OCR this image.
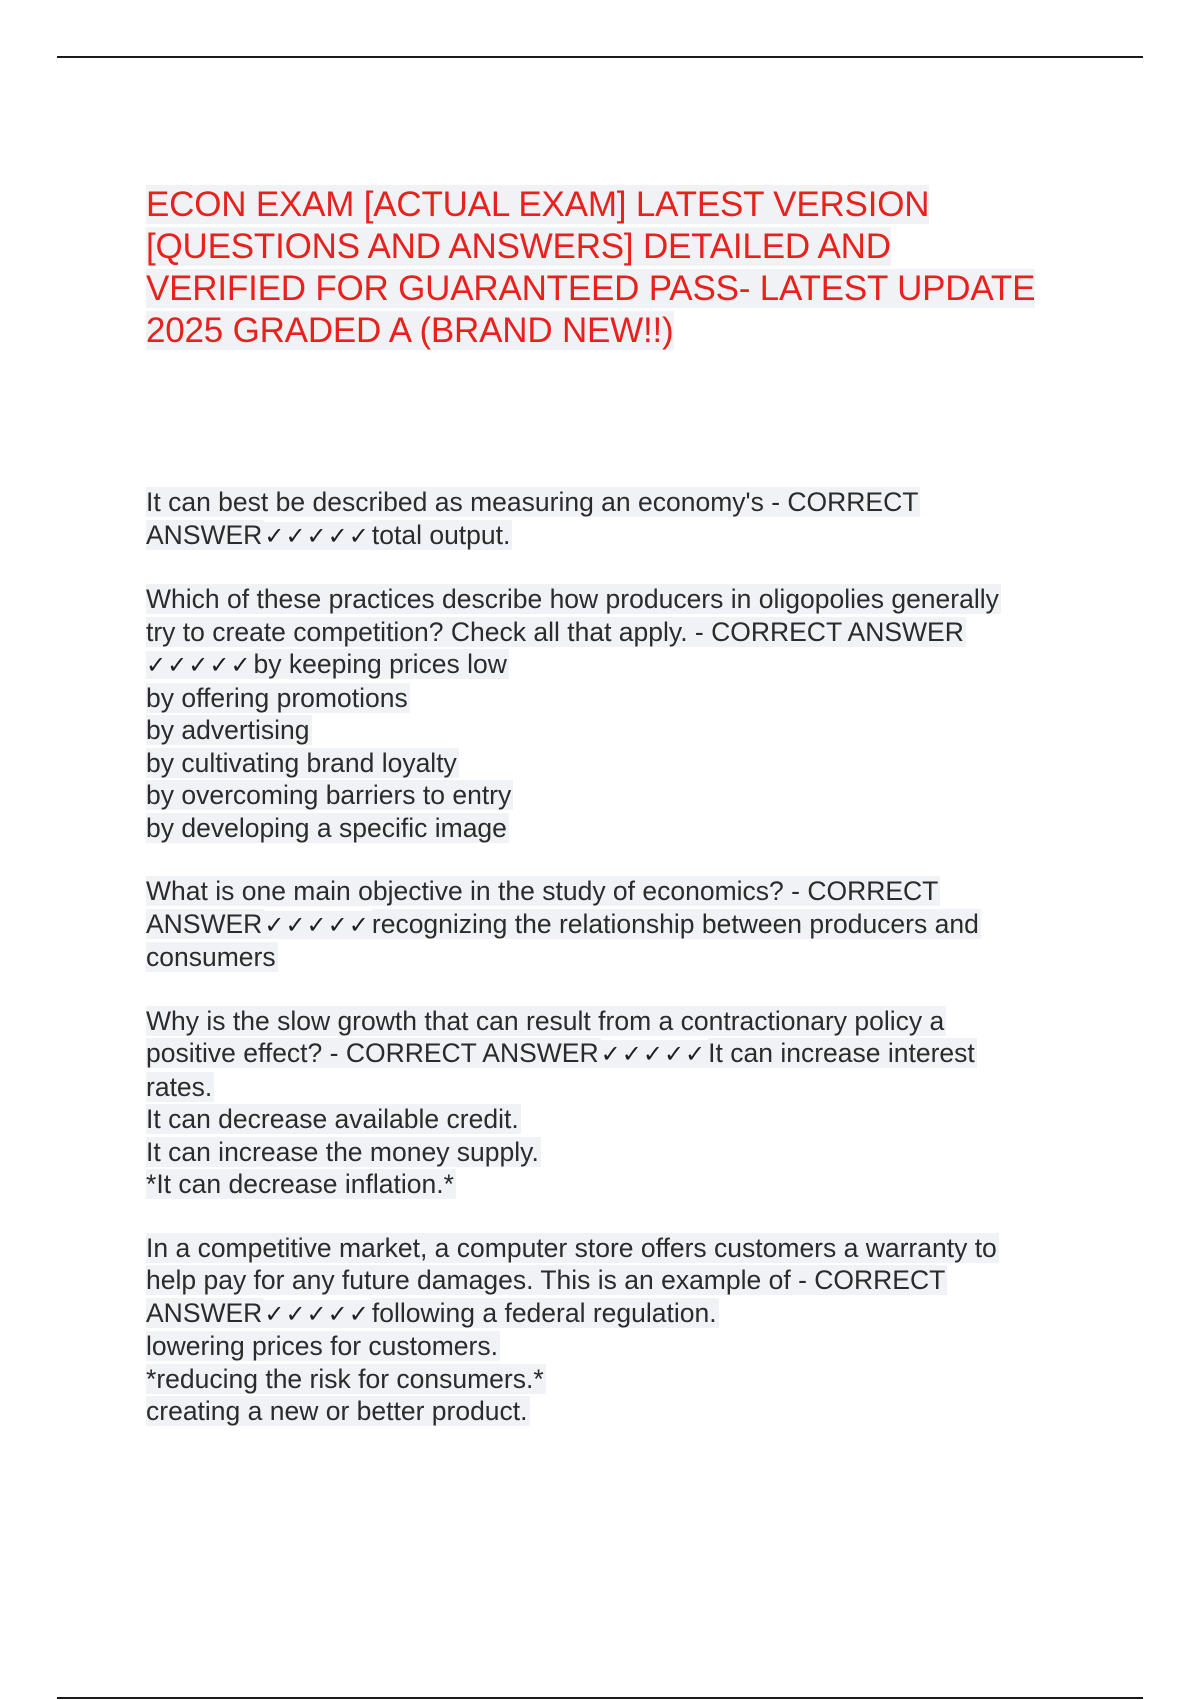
ECON EXAM [ACTUAL EXAM] LATEST VERSION
[QUESTIONS AND ANSWERS] DETAILED AND
VERIFIED FOR GUARANTEED PASS- LATEST UPDATE
2025 GRADED A (BRAND NEW!!)
It can best be described as measuring an economy's - CORRECT
ANSWER✓✓✓✓✓total output.
Which of these practices describe how producers in oligopolies generally
try to create competition? Check all that apply. - CORRECT ANSWER
✓✓✓✓✓by keeping prices low
by offering promotions
by advertising
by cultivating brand loyalty
by overcoming barriers to entry
by developing a specific image
What is one main objective in the study of economics? - CORRECT
ANSWER✓✓✓✓✓recognizing the relationship between producers and
consumers
Why is the slow growth that can result from a contractionary policy a
positive effect? - CORRECT ANSWER✓✓✓✓✓It can increase interest
rates.
It can decrease available credit.
It can increase the money supply.
*It can decrease inflation.*
In a competitive market, a computer store offers customers a warranty to
help pay for any future damages. This is an example of - CORRECT
ANSWER✓✓✓✓✓following a federal regulation.
lowering prices for customers.
*reducing the risk for consumers.*
creating a new or better product.
